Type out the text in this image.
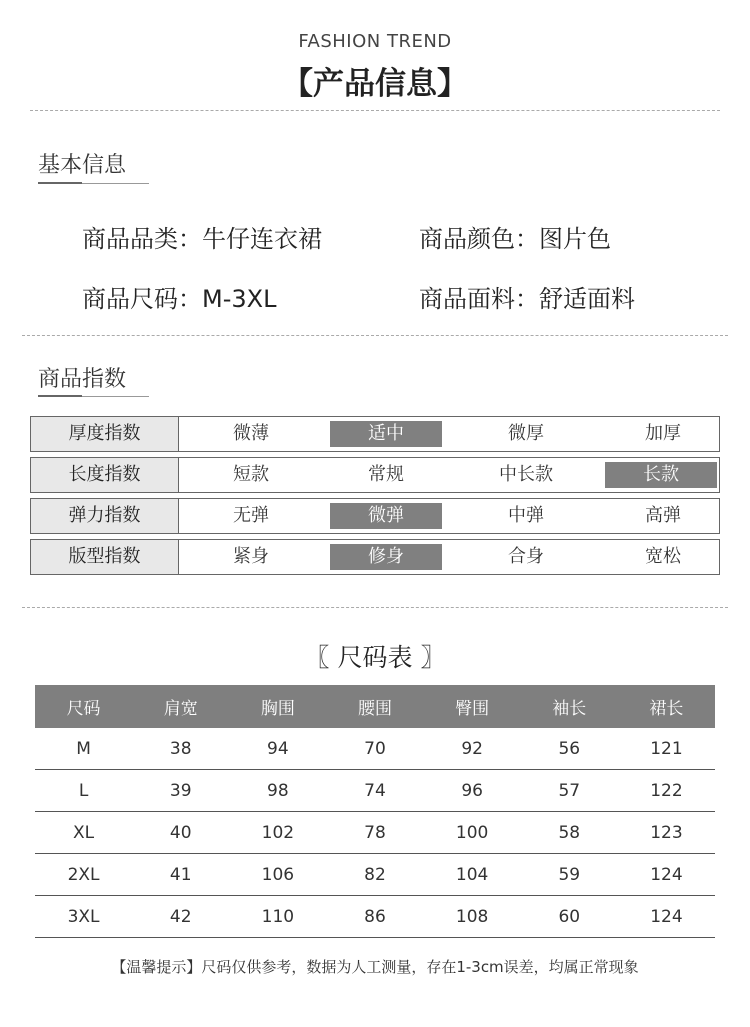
FASHION TREND
【产品信息】
基本信息
商品品类：牛仔连衣裙	商品颜色：图片色
商品尺码：M-3XL	商品面料：舒适面料
商品指数
厚度指数	微薄	适中	微厚	加厚
长度指数	短款	常规	中长款	长款
弹力指数	无弹	微弹	中弹	高弹
版型指数	紧身	修身	合身	宽松
〖 尺码表 〗
尺码	肩宽	胸围	腰围	臀围	袖长	裙长
M	38	94	70	92	56	121
L	39	98	74	96	57	122
XL	40	102	78	100	58	123
2XL	41	106	82	104	59	124
3XL	42	110	86	108	60	124
【温馨提示】尺码仅供参考，数据为人工测量，存在1-3cm误差，均属正常现象
